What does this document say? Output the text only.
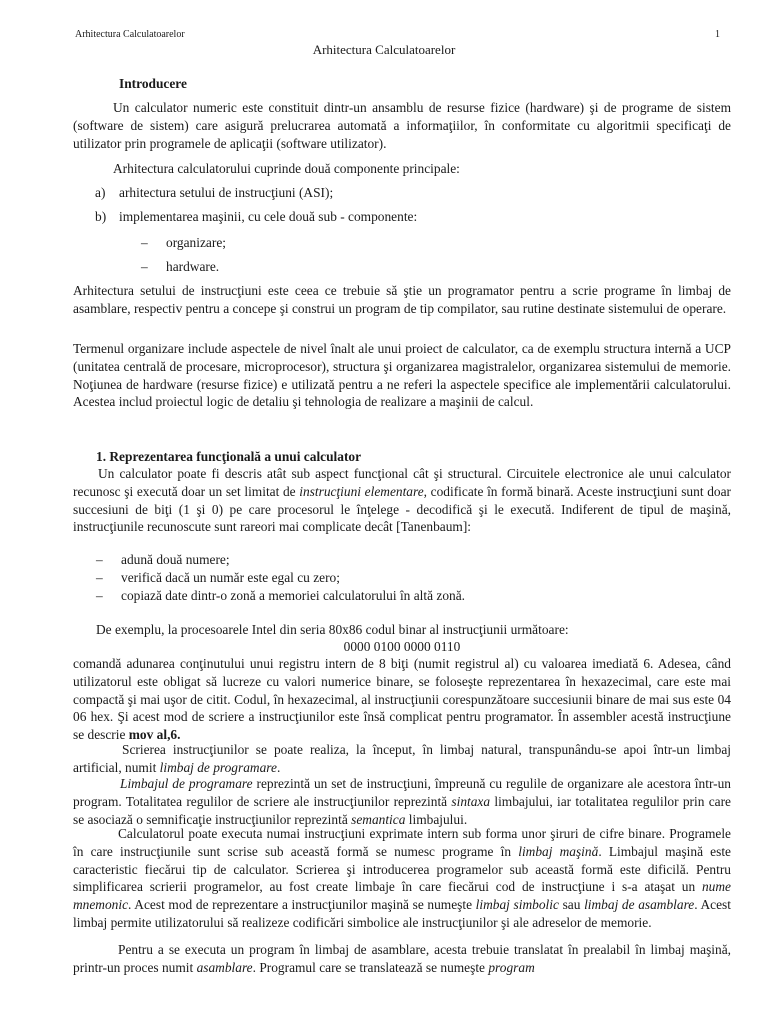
Arhitectura Calculatoarelor	1
Arhitectura Calculatoarelor
Introducere
Un calculator numeric este constituit dintr-un ansamblu de resurse fizice (hardware) şi de programe de sistem (software de sistem) care asigură prelucrarea automată a informaţiilor, în conformitate cu algoritmii specificaţi de utilizator prin programele de aplicaţii (software utilizator).
Arhitectura calculatorului cuprinde două componente principale:
a) arhitectura setului de instrucţiuni (ASI);
b) implementarea maşinii, cu cele două sub - componente:
– organizare;
– hardware.
Arhitectura setului de instrucţiuni este ceea ce trebuie să ştie un programator pentru a scrie programe în limbaj de asamblare, respectiv pentru a concepe şi construi un program de tip compilator, sau rutine destinate sistemului de operare.
Termenul organizare include aspectele de nivel înalt ale unui proiect de calculator, ca de exemplu structura internă a UCP (unitatea centrală de procesare, microprocesor), structura şi organizarea magistralelor, organizarea sistemului de memorie. Noţiunea de hardware (resurse fizice) e utilizată pentru a ne referi la aspectele specifice ale implementării calculatorului. Acestea includ proiectul logic de detaliu şi tehnologia de realizare a maşinii de calcul.
1. Reprezentarea funcţională a unui calculator
Un calculator poate fi descris atât sub aspect funcţional cât şi structural. Circuitele electronice ale unui calculator recunosc şi execută doar un set limitat de instrucţiuni elementare, codificate în formă binară. Aceste instrucţiuni sunt doar succesiuni de biţi (1 şi 0) pe care procesorul le înţelege - decodifică şi le execută. Indiferent de tipul de maşină, instrucţiunile recunoscute sunt rareori mai complicate decât [Tanenbaum]:
– adună două numere;
– verifică dacă un număr este egal cu zero;
– copiază date dintr-o zonă a memoriei calculatorului în altă zonă.
De exemplu, la procesoarele Intel din seria 80x86 codul binar al instrucţiunii următoare:
0000 0100 0000 0110
comandă adunarea conţinutului unui registru intern de 8 biţi (numit registrul al) cu valoarea imediată 6. Adesea, când utilizatorul este obligat să lucreze cu valori numerice binare, se foloseşte reprezentarea în hexazecimal, care este mai compactă şi mai uşor de citit. Codul, în hexazecimal, al instrucţiunii corespunzătoare succesiunii binare de mai sus este 04 06 hex. Şi acest mod de scriere a instrucţiunilor este însă complicat pentru programator. În assembler acestă instrucţiune se descrie mov al,6.
Scrierea instrucţiunilor se poate realiza, la început, în limbaj natural, transpunându-se apoi într-un limbaj artificial, numit limbaj de programare.
Limbajul de programare reprezintă un set de instrucţiuni, împreună cu regulile de organizare ale acestora într-un program. Totalitatea regulilor de scriere ale instrucţiunilor reprezintă sintaxa limbajului, iar totalitatea regulilor prin care se asociază o semnificaţie instrucţiunilor reprezintă semantica limbajului.
Calculatorul poate executa numai instrucţiuni exprimate intern sub forma unor şiruri de cifre binare. Programele în care instrucţiunile sunt scrise sub această formă se numesc programe în limbaj maşină. Limbajul maşină este caracteristic fiecărui tip de calculator. Scrierea şi introducerea programelor sub această formă este dificilă. Pentru simplificarea scrierii programelor, au fost create limbaje în care fiecărui cod de instrucţiune i s-a ataşat un nume mnemonic. Acest mod de reprezentare a instrucţiunilor maşină se numeşte limbaj simbolic sau limbaj de asamblare. Acest limbaj permite utilizatorului să realizeze codificări simbolice ale instrucţiunilor şi ale adreselor de memorie.
Pentru a se executa un program în limbaj de asamblare, acesta trebuie translatat în prealabil în limbaj maşină, printr-un proces numit asamblare. Programul care se translatează se numeşte program
